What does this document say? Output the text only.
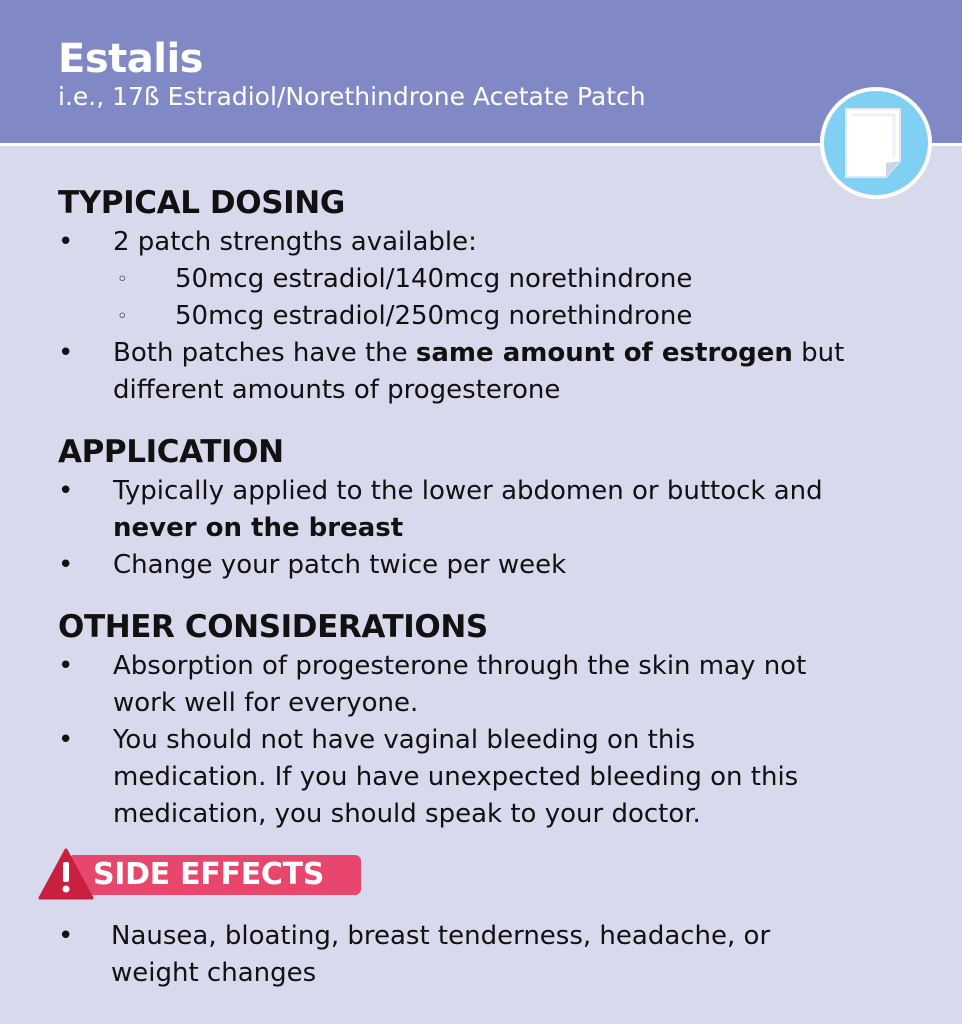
Estalis
i.e., 17ß Estradiol/Norethindrone Acetate Patch
TYPICAL DOSING
• 2 patch strengths available:
◦ 50mcg estradiol/140mcg norethindrone
◦ 50mcg estradiol/250mcg norethindrone
• Both patches have the same amount of estrogen but
different amounts of progesterone
APPLICATION
• Typically applied to the lower abdomen or buttock and
never on the breast
• Change your patch twice per week
OTHER CONSIDERATIONS
• Absorption of progesterone through the skin may not
work well for everyone.
• You should not have vaginal bleeding on this
medication. If you have unexpected bleeding on this
medication, you should speak to your doctor.
SIDE EFFECTS
• Nausea, bloating, breast tenderness, headache, or
weight changes
